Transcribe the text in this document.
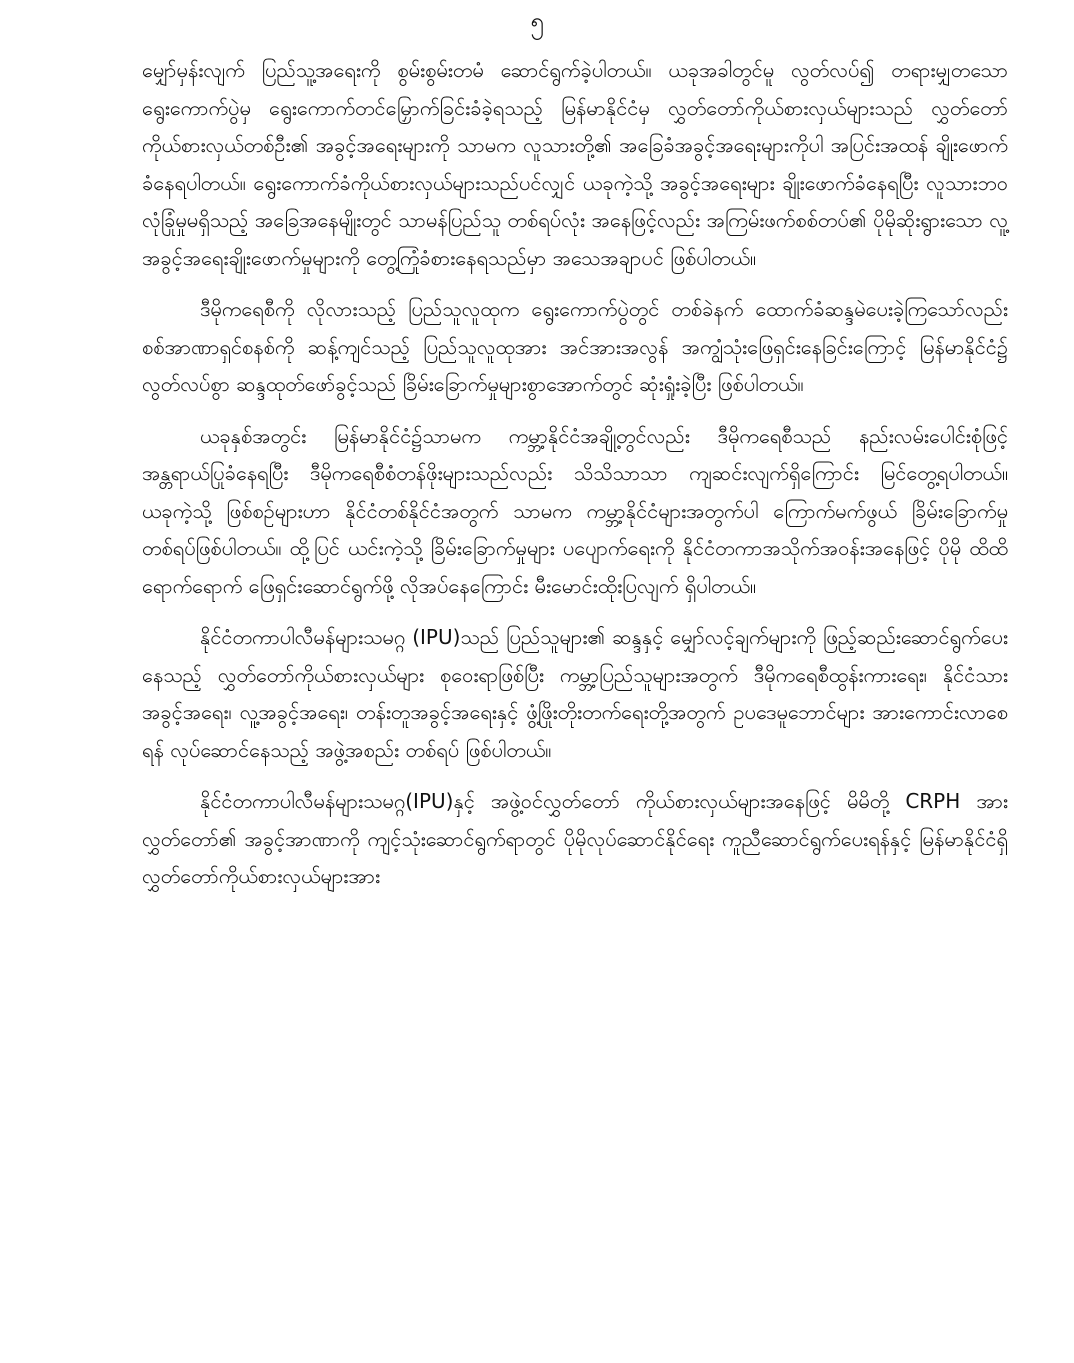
၅

မျှော်မှန်းလျက် ပြည်သူ့အရေးကို စွမ်းစွမ်းတမံ ဆောင်ရွက်ခဲ့ပါတယ်။ ယခုအခါတွင်မူ လွတ်လပ်၍ တရားမျှတသော ရွေးကောက်ပွဲမှ ရွေးကောက်တင်မြှောက်ခြင်းခံခဲ့ရသည့် မြန်မာနိုင်ငံမှ လွှတ်တော်ကိုယ်စားလှယ်များသည် လွှတ်တော်ကိုယ်စားလှယ်တစ်ဦး၏ အခွင့်အရေးများကို သာမက လူသားတို့၏ အခြေခံအခွင့်အရေးများကိုပါ အပြင်းအထန် ချိုးဖောက်ခံနေရပါတယ်။ ရွေးကောက်ခံကိုယ်စားလှယ်များသည်ပင်လျှင် ယခုကဲ့သို့ အခွင့်အရေးများ ချိုးဖောက်ခံနေရပြီး လူသားဘဝလုံခြုံမှုမရှိသည့် အခြေအနေမျိုးတွင် သာမန်ပြည်သူ တစ်ရပ်လုံး အနေဖြင့်လည်း အကြမ်းဖက်စစ်တပ်၏ ပိုမိုဆိုးရွားသော လူ့အခွင့်အရေးချိုးဖောက်မှုများကို တွေ့ကြုံခံစားနေရသည်မှာ အသေအချာပင် ဖြစ်ပါတယ်။

ဒီမိုကရေစီကို လိုလားသည့် ပြည်သူလူထုက ရွေးကောက်ပွဲတွင် တစ်ခဲနက် ထောက်ခံဆန္ဒမဲပေးခဲ့ကြသော်လည်း စစ်အာဏာရှင်စနစ်ကို ဆန့်ကျင်သည့် ပြည်သူလူထုအား အင်အားအလွန် အကျွံသုံးဖြေရှင်းနေခြင်းကြောင့် မြန်မာနိုင်ငံ၌ လွတ်လပ်စွာ ဆန္ဒထုတ်ဖော်ခွင့်သည် ခြိမ်းခြောက်မှုများစွာအောက်တွင် ဆုံးရှုံးခဲ့ပြီး ဖြစ်ပါတယ်။

ယခုနှစ်အတွင်း မြန်မာနိုင်ငံ၌သာမက ကမ္ဘာ့နိုင်ငံအချို့တွင်လည်း ဒီမိုကရေစီသည် နည်းလမ်းပေါင်းစုံဖြင့် အန္တရာယ်ပြုခံနေရပြီး ဒီမိုကရေစီစံတန်ဖိုးများသည်လည်း သိသိသာသာ ကျဆင်းလျက်ရှိကြောင်း မြင်တွေ့ရပါတယ်။ ယခုကဲ့သို့ ဖြစ်စဉ်များဟာ နိုင်ငံတစ်နိုင်ငံအတွက် သာမက ကမ္ဘာ့နိုင်ငံများအတွက်ပါ ကြောက်မက်ဖွယ် ခြိမ်းခြောက်မှု တစ်ရပ်ဖြစ်ပါတယ်။ ထို့ပြင် ယင်းကဲ့သို့ ခြိမ်းခြောက်မှုများ ပပျောက်ရေးကို နိုင်ငံတကာအသိုက်အဝန်းအနေဖြင့် ပိုမို ထိထိရောက်ရောက် ဖြေရှင်းဆောင်ရွက်ဖို့ လိုအပ်နေကြောင်း မီးမောင်းထိုးပြလျက် ရှိပါတယ်။

နိုင်ငံတကာပါလီမန်များသမဂ္ဂ (IPU)သည် ပြည်သူများ၏ ဆန္ဒနှင့် မျှော်လင့်ချက်များကို ဖြည့်ဆည်းဆောင်ရွက်ပေးနေသည့် လွှတ်တော်ကိုယ်စားလှယ်များ စုဝေးရာဖြစ်ပြီး ကမ္ဘာ့ပြည်သူများအတွက် ဒီမိုကရေစီထွန်းကားရေး၊ နိုင်ငံသားအခွင့်အရေး၊ လူ့အခွင့်အရေး၊ တန်းတူအခွင့်အရေးနှင့် ဖွံ့ဖြိုးတိုးတက်ရေးတို့အတွက် ဥပဒေမူဘောင်များ အားကောင်းလာစေရန် လုပ်ဆောင်နေသည့် အဖွဲ့အစည်း တစ်ရပ် ဖြစ်ပါတယ်။

နိုင်ငံတကာပါလီမန်များသမဂ္ဂ(IPU)နှင့် အဖွဲ့ဝင်လွှတ်တော် ကိုယ်စားလှယ်များအနေဖြင့် မိမိတို့ CRPH အား လွှတ်တော်၏ အခွင့်အာဏာကို ကျင့်သုံးဆောင်ရွက်ရာတွင် ပိုမိုလုပ်ဆောင်နိုင်ရေး ကူညီဆောင်ရွက်ပေးရန်နှင့် မြန်မာနိုင်ငံရှိ လွှတ်တော်ကိုယ်စားလှယ်များအား
